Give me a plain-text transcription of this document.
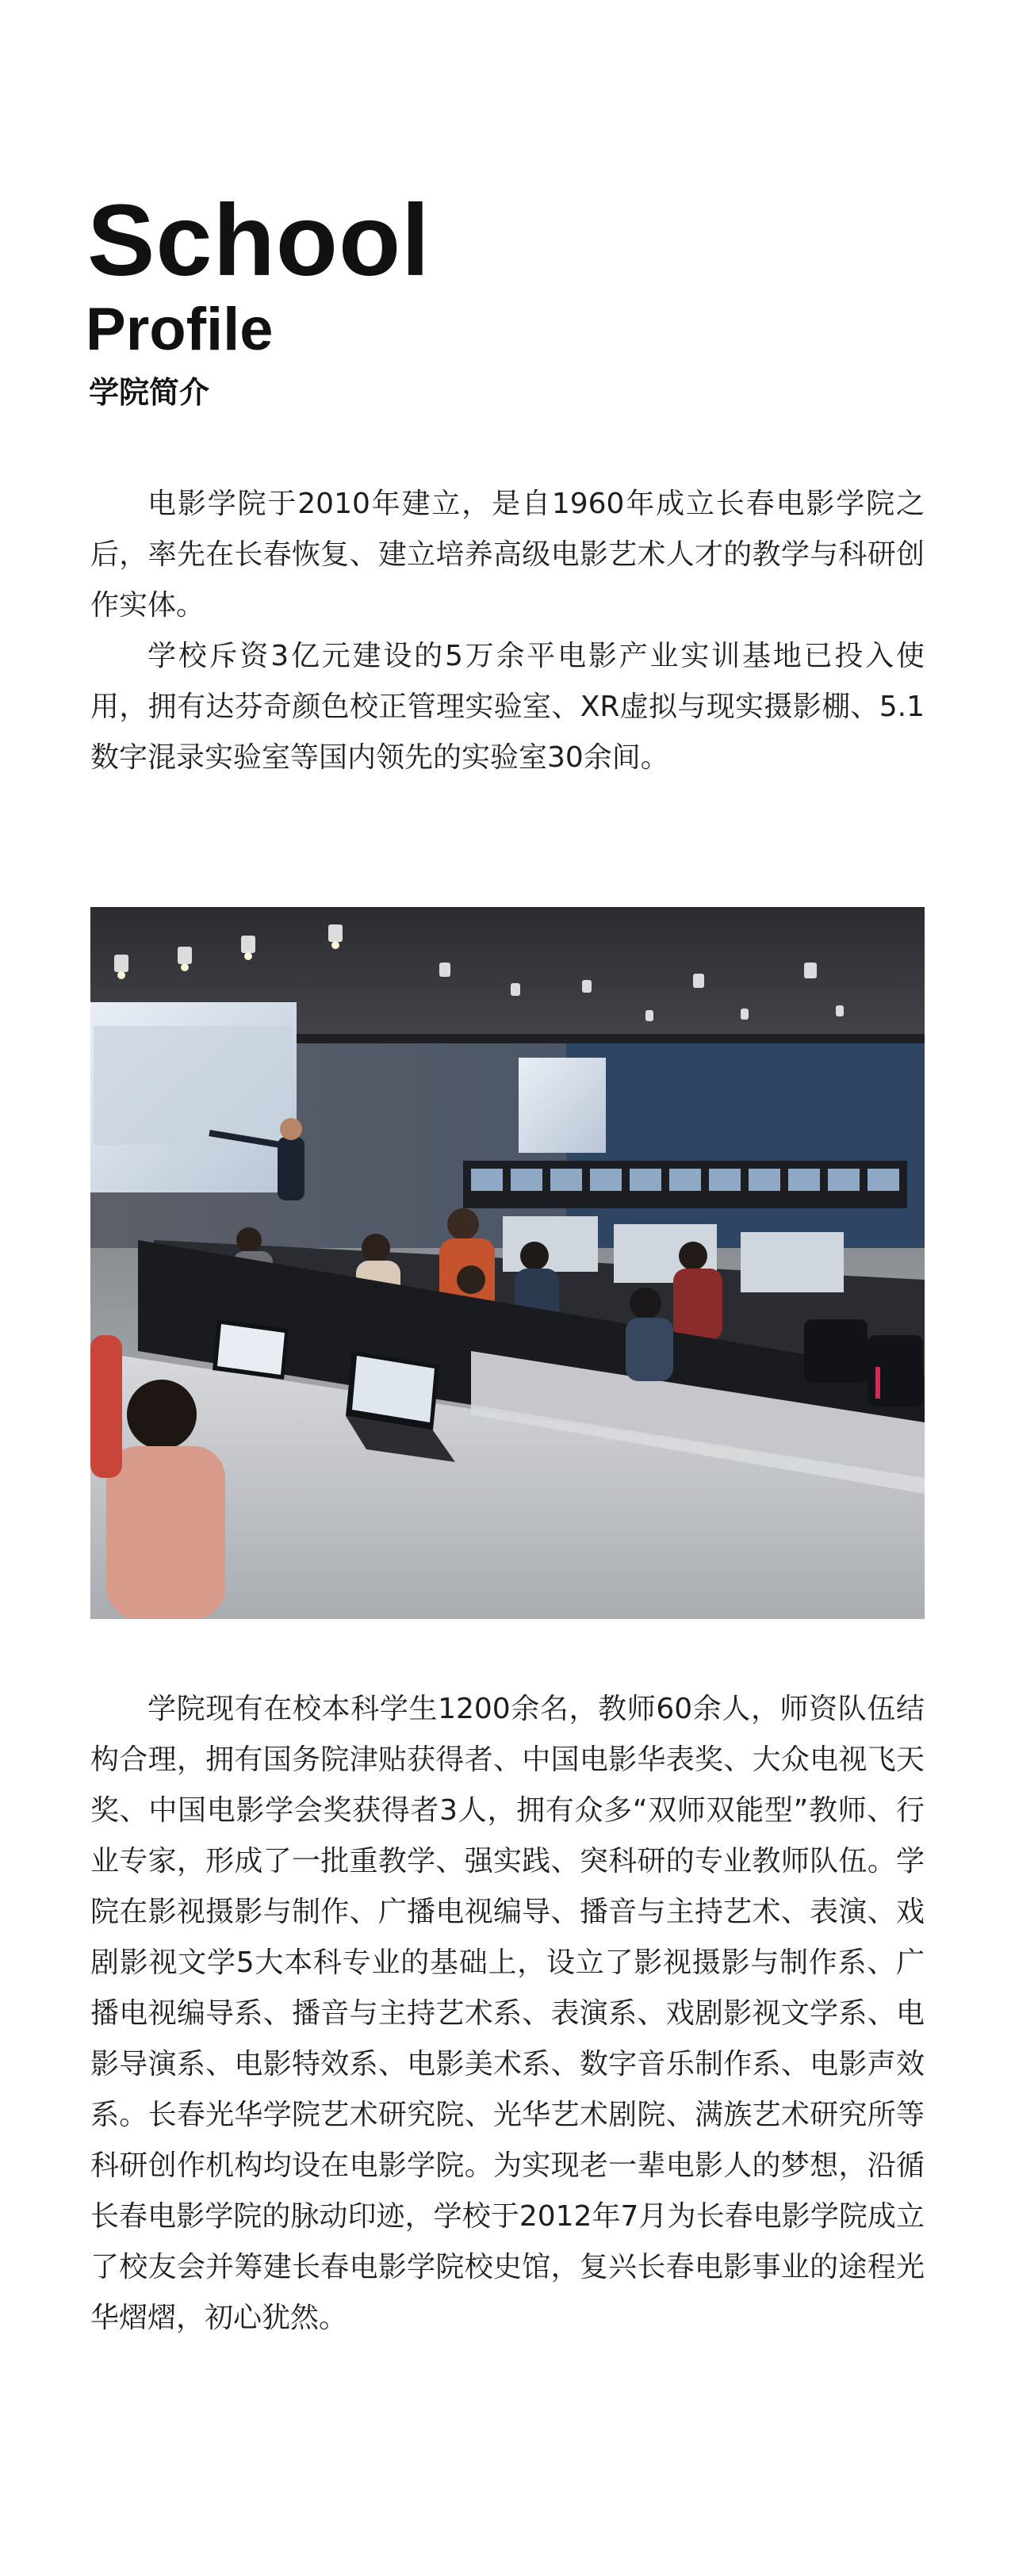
School
Profile
学院简介

电影学院于2010年建立，是自1960年成立长春电影学院之后，率先在长春恢复、建立培养高级电影艺术人才的教学与科研创作实体。

学校斥资3亿元建设的5万余平电影产业实训基地已投入使用，拥有达芬奇颜色校正管理实验室、XR虚拟与现实摄影棚、5.1数字混录实验室等国内领先的实验室30余间。

学院现有在校本科学生1200余名，教师60余人，师资队伍结构合理，拥有国务院津贴获得者、中国电影华表奖、大众电视飞天奖、中国电影学会奖获得者3人，拥有众多“双师双能型”教师、行业专家，形成了一批重教学、强实践、突科研的专业教师队伍。学院在影视摄影与制作、广播电视编导、播音与主持艺术、表演、戏剧影视文学5大本科专业的基础上，设立了影视摄影与制作系、广播电视编导系、播音与主持艺术系、表演系、戏剧影视文学系、电影导演系、电影特效系、电影美术系、数字音乐制作系、电影声效系。长春光华学院艺术研究院、光华艺术剧院、满族艺术研究所等科研创作机构均设在电影学院。为实现老一辈电影人的梦想，沿循长春电影学院的脉动印迹，学校于2012年7月为长春电影学院成立了校友会并筹建长春电影学院校史馆，复兴长春电影事业的途程光华熠熠，初心犹然。
